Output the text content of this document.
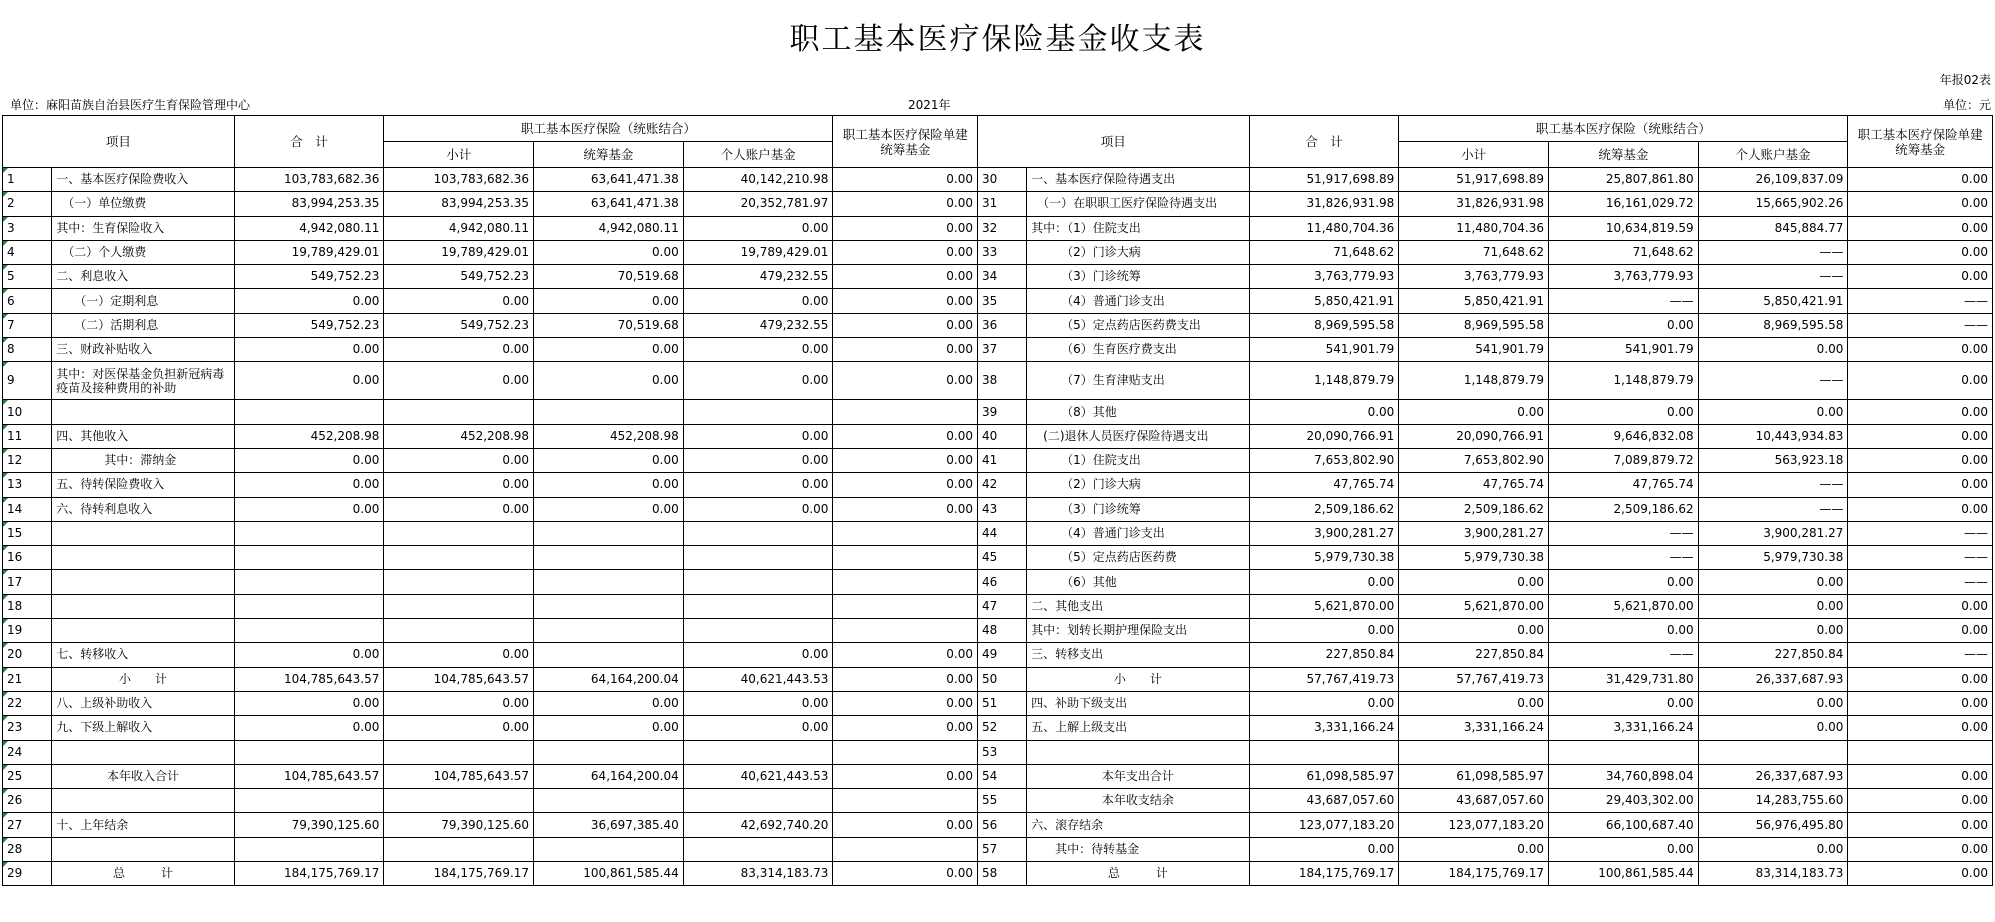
职工基本医疗保险基金收支表
年报02表
单位：麻阳苗族自治县医疗生育保险管理中心	2021年	单位：元
项目		合　计	职工基本医疗保险（统账结合）			职工基本医疗保险单建统筹基金	项目		合　计	职工基本医疗保险（统账结合）			职工基本医疗保险单建统筹基金
			小计	统筹基金	个人账户基金					小计	统筹基金	个人账户基金	
1	一、基本医疗保险费收入	103,783,682.36	103,783,682.36	63,641,471.38	40,142,210.98	0.00	30	一、基本医疗保险待遇支出	51,917,698.89	51,917,698.89	25,807,861.80	26,109,837.09	0.00
2	　（一）单位缴费	83,994,253.35	83,994,253.35	63,641,471.38	20,352,781.97	0.00	31	　（一）在职职工医疗保险待遇支出	31,826,931.98	31,826,931.98	16,161,029.72	15,665,902.26	0.00
3	其中：生育保险收入	4,942,080.11	4,942,080.11	4,942,080.11	0.00	0.00	32	其中：（1）住院支出	11,480,704.36	11,480,704.36	10,634,819.59	845,884.77	0.00
4	　（二）个人缴费	19,789,429.01	19,789,429.01	0.00	19,789,429.01	0.00	33	　　　（2）门诊大病	71,648.62	71,648.62	71,648.62	——	0.00
5	二、利息收入	549,752.23	549,752.23	70,519.68	479,232.55	0.00	34	　　　（3）门诊统筹	3,763,779.93	3,763,779.93	3,763,779.93	——	0.00
6	　　（一）定期利息	0.00	0.00	0.00	0.00	0.00	35	　　　（4）普通门诊支出	5,850,421.91	5,850,421.91	——	5,850,421.91	——
7	　　（二）活期利息	549,752.23	549,752.23	70,519.68	479,232.55	0.00	36	　　　（5）定点药店医药费支出	8,969,595.58	8,969,595.58	0.00	8,969,595.58	——
8	三、财政补贴收入	0.00	0.00	0.00	0.00	0.00	37	　　　（6）生育医疗费支出	541,901.79	541,901.79	541,901.79	0.00	0.00
9	其中：对医保基金负担新冠病毒疫苗及接种费用的补助	0.00	0.00	0.00	0.00	0.00	38	　　　（7）生育津贴支出	1,148,879.79	1,148,879.79	1,148,879.79	——	0.00
10							39	　　　（8）其他	0.00	0.00	0.00	0.00	0.00
11	四、其他收入	452,208.98	452,208.98	452,208.98	0.00	0.00	40	　(二)退休人员医疗保险待遇支出	20,090,766.91	20,090,766.91	9,646,832.08	10,443,934.83	0.00
12	　　　　其中：滞纳金	0.00	0.00	0.00	0.00	0.00	41	　　　（1）住院支出	7,653,802.90	7,653,802.90	7,089,879.72	563,923.18	0.00
13	五、待转保险费收入	0.00	0.00	0.00	0.00	0.00	42	　　　（2）门诊大病	47,765.74	47,765.74	47,765.74	——	0.00
14	六、待转利息收入	0.00	0.00	0.00	0.00	0.00	43	　　　（3）门诊统筹	2,509,186.62	2,509,186.62	2,509,186.62	——	0.00
15							44	　　　（4）普通门诊支出	3,900,281.27	3,900,281.27	——	3,900,281.27	——
16							45	　　　（5）定点药店医药费	5,979,730.38	5,979,730.38	——	5,979,730.38	——
17							46	　　　（6）其他	0.00	0.00	0.00	0.00	——
18							47	二、其他支出	5,621,870.00	5,621,870.00	5,621,870.00	0.00	0.00
19							48	其中：划转长期护理保险支出	0.00	0.00	0.00	0.00	0.00
20	七、转移收入	0.00	0.00		0.00	0.00	49	三、转移支出	227,850.84	227,850.84	——	227,850.84	——
21	小　　计	104,785,643.57	104,785,643.57	64,164,200.04	40,621,443.53	0.00	50	小　　计	57,767,419.73	57,767,419.73	31,429,731.80	26,337,687.93	0.00
22	八、上级补助收入	0.00	0.00	0.00	0.00	0.00	51	四、补助下级支出	0.00	0.00	0.00	0.00	0.00
23	九、下级上解收入	0.00	0.00	0.00	0.00	0.00	52	五、上解上级支出	3,331,166.24	3,331,166.24	3,331,166.24	0.00	0.00
24							53						
25	本年收入合计	104,785,643.57	104,785,643.57	64,164,200.04	40,621,443.53	0.00	54	本年支出合计	61,098,585.97	61,098,585.97	34,760,898.04	26,337,687.93	0.00
26							55	本年收支结余	43,687,057.60	43,687,057.60	29,403,302.00	14,283,755.60	0.00
27	十、上年结余	79,390,125.60	79,390,125.60	36,697,385.40	42,692,740.20	0.00	56	六、滚存结余	123,077,183.20	123,077,183.20	66,100,687.40	56,976,495.80	0.00
28							57	　　其中：待转基金	0.00	0.00	0.00	0.00	0.00
29	总　　　计	184,175,769.17	184,175,769.17	100,861,585.44	83,314,183.73	0.00	58	总　　　计	184,175,769.17	184,175,769.17	100,861,585.44	83,314,183.73	0.00
